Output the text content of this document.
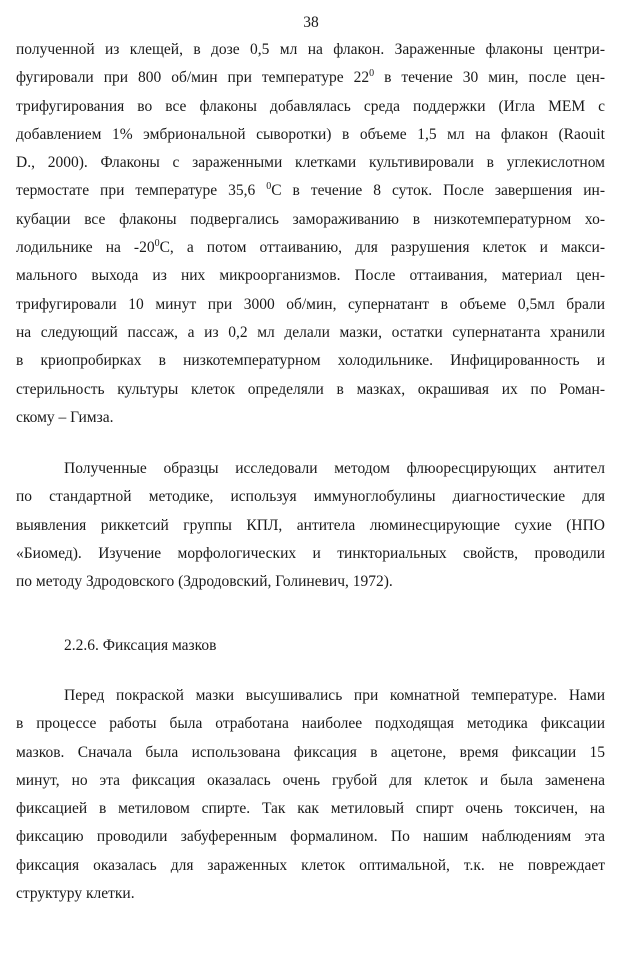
38
полученной из клещей, в дозе 0,5 мл на флакон. Зараженные флаконы центри-
фугировали при 800 об/мин при температуре $22^0$ в течение 30 мин, после цен-
трифугирования во все флаконы добавлялась среда поддержки (Игла МЕМ с
добавлением 1% эмбриональной сыворотки) в объеме 1,5 мл на флакон (Raouit
D., 2000). Флаконы с зараженными клетками культивировали в углекислотном
термостате при температуре 35,6 $^0$С в течение 8 суток. После завершения ин-
кубации все флаконы подвергались замораживанию в низкотемпературном хо-
лодильнике на $-20^0С$, а потом оттаиванию, для разрушения клеток и макси-
мального выхода из них микроорганизмов. После оттаивания, материал цен-
трифугировали 10 минут при 3000 об/мин, супернатант в объеме 0,5мл брали
на следующий пассаж, а из 0,2 мл делали мазки, остатки супернатанта хранили
в криопробирках в низкотемпературном холодильнике. Инфицированность и
стерильность культуры клеток определяли в мазках, окрашивая их по Роман-
скому – Гимза.
Полученные образцы исследовали методом флюоресцирующих антител
по стандартной методике, используя иммуноглобулины диагностические для
выявления риккетсий группы КПЛ, антитела люминесцирующие сухие (НПО
«Биомед). Изучение морфологических и тинкториальных свойств, проводили
по методу Здродовского (Здродовский, Голиневич, 1972).
2.2.6. Фиксация мазков
Перед покраской мазки высушивались при комнатной температуре. Нами
в процессе работы была отработана наиболее подходящая методика фиксации
мазков. Сначала была использована фиксация в ацетоне, время фиксации 15
минут, но эта фиксация оказалась очень грубой для клеток и была заменена
фиксацией в метиловом спирте. Так как метиловый спирт очень токсичен, на
фиксацию проводили забуференным формалином. По нашим наблюдениям эта
фиксация оказалась для зараженных клеток оптимальной, т.к. не повреждает
структуру клетки.
